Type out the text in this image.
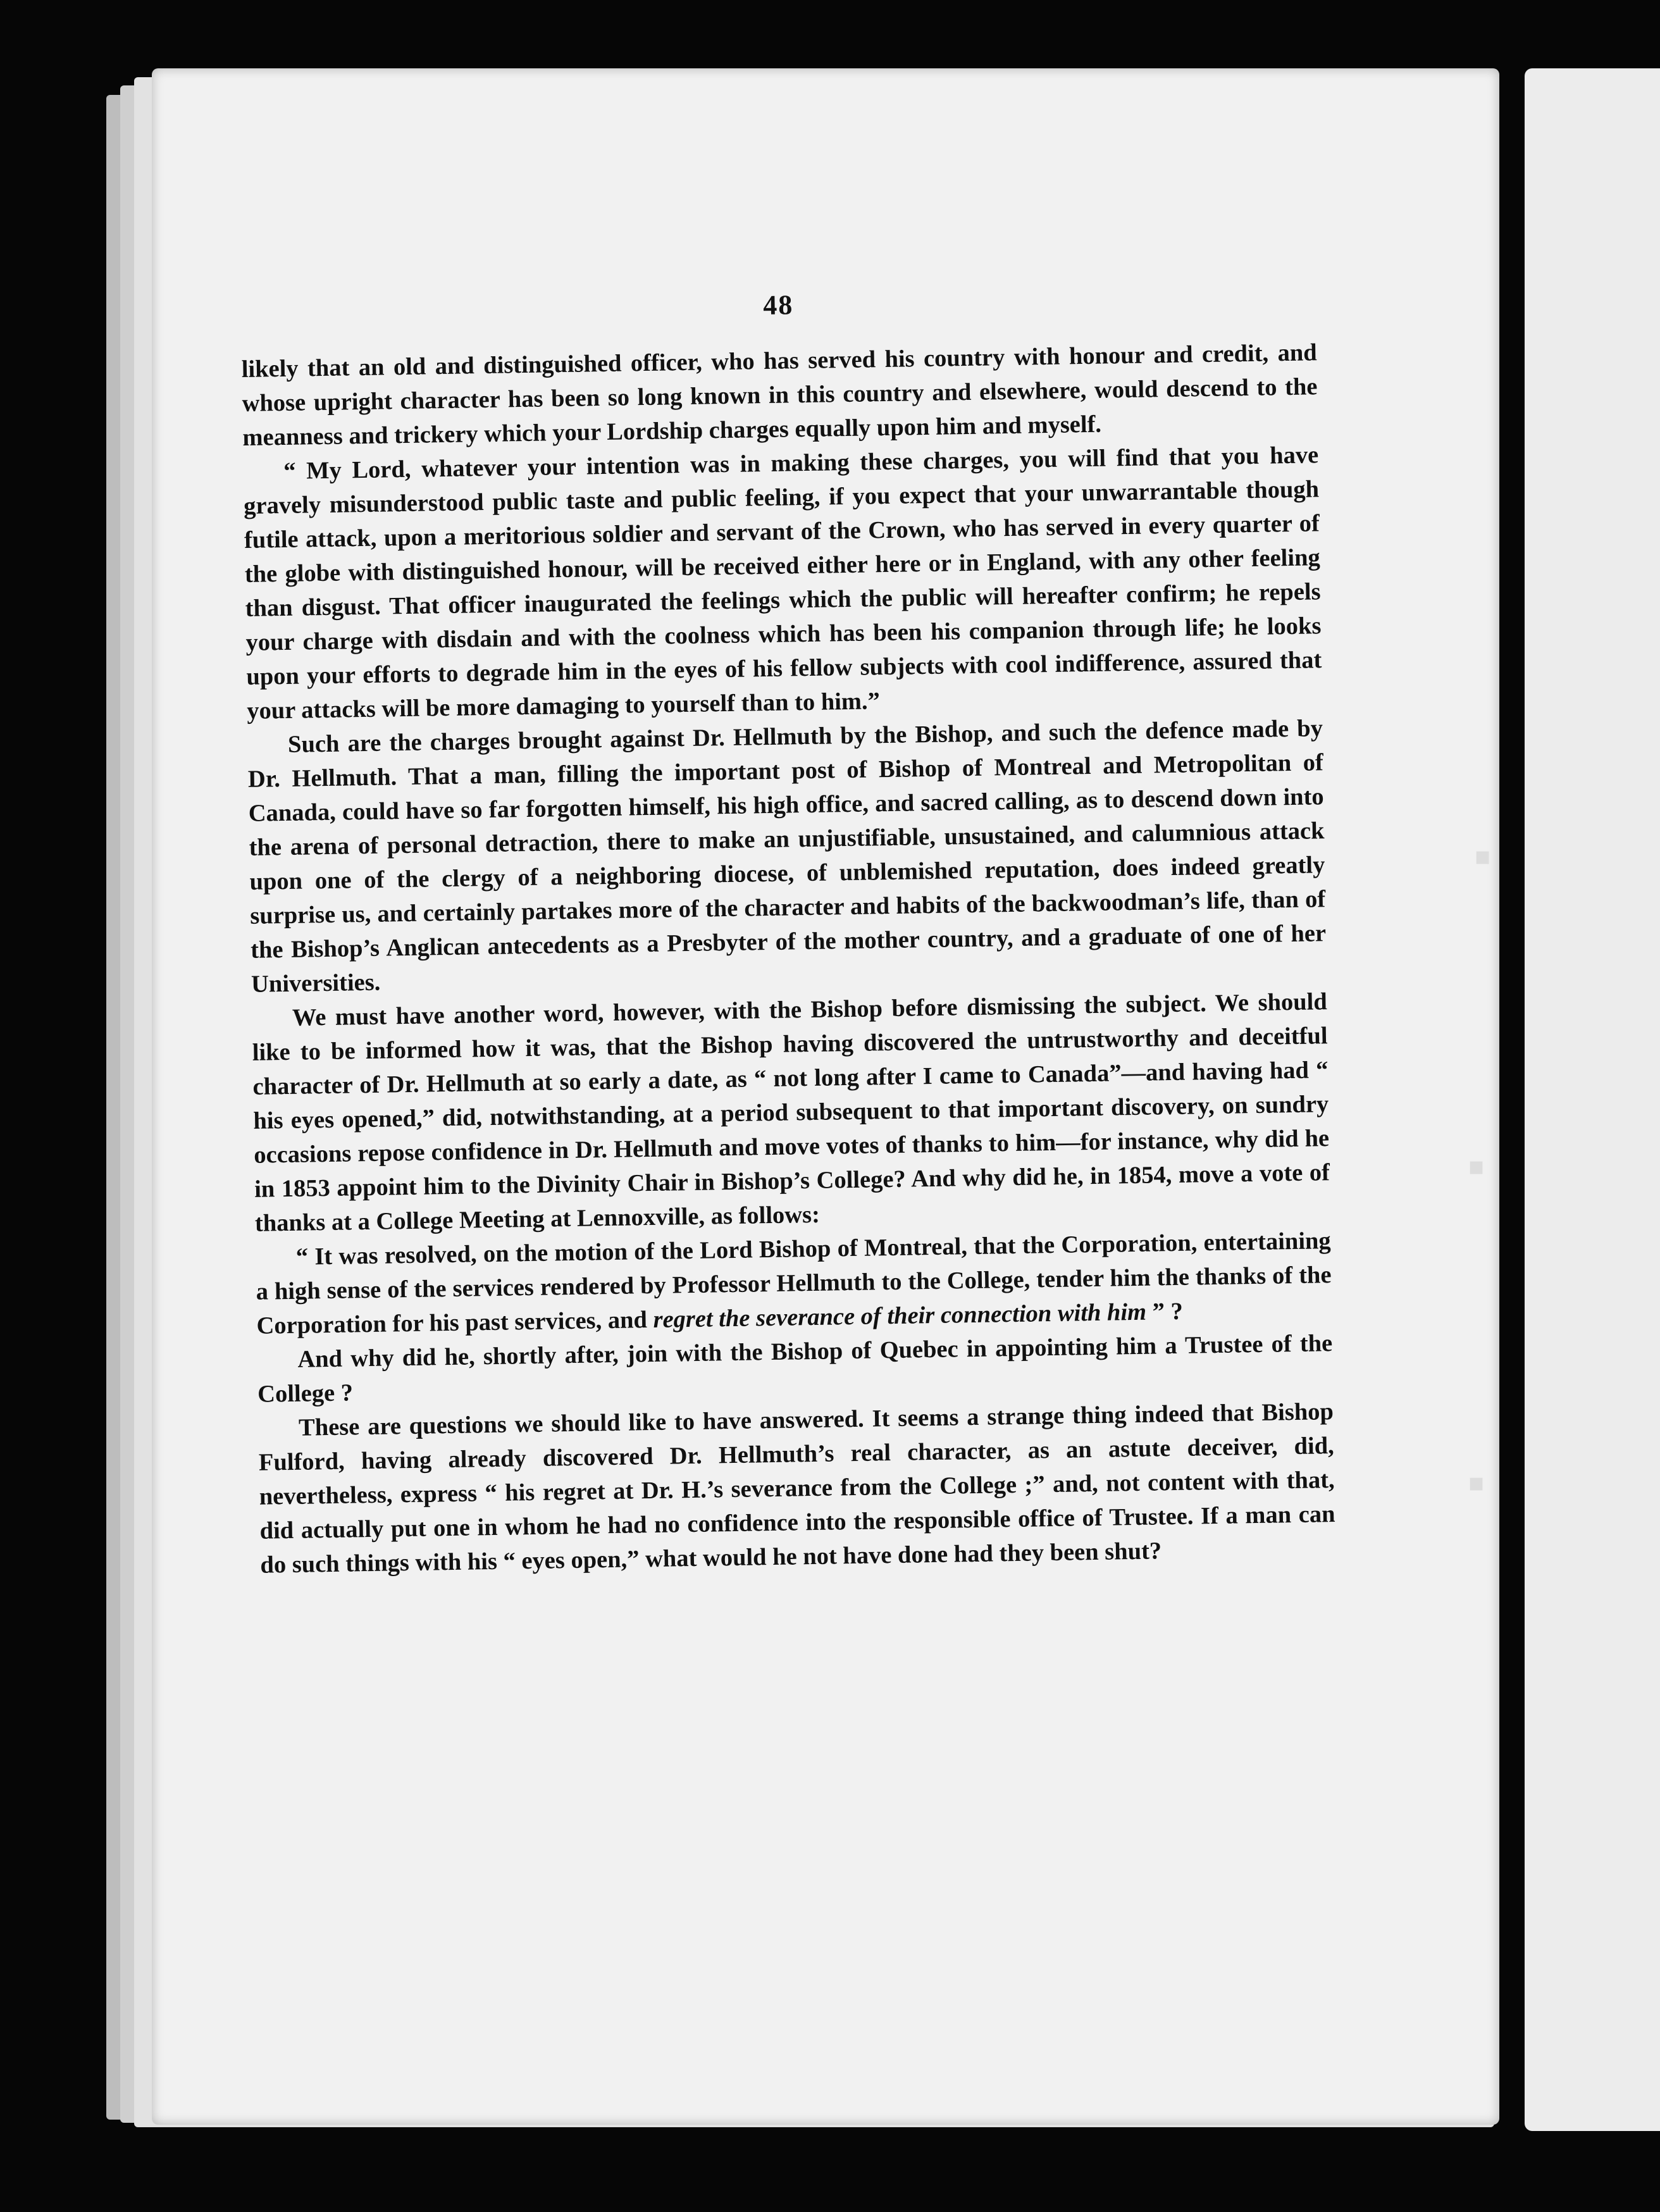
48

likely that an old and distinguished officer, who has served his country with honour and credit, and whose upright character has been so long known in this country and elsewhere, would descend to the meanness and trickery which your Lordship charges equally upon him and myself.

“ My Lord, whatever your intention was in making these charges, you will find that you have gravely misunderstood public taste and public feeling, if you expect that your unwarrantable though futile attack, upon a meritorious soldier and servant of the Crown, who has served in every quarter of the globe with distinguished honour, will be received either here or in England, with any other feeling than disgust. That officer inaugurated the feelings which the public will hereafter confirm; he repels your charge with disdain and with the coolness which has been his companion through life; he looks upon your efforts to degrade him in the eyes of his fellow subjects with cool indifference, assured that your attacks will be more damaging to yourself than to him.”

Such are the charges brought against Dr. Hellmuth by the Bishop, and such the defence made by Dr. Hellmuth. That a man, filling the important post of Bishop of Montreal and Metropolitan of Canada, could have so far forgotten himself, his high office, and sacred calling, as to descend down into the arena of personal detraction, there to make an unjustifiable, unsustained, and calumnious attack upon one of the clergy of a neighboring diocese, of unblemished reputation, does indeed greatly surprise us, and certainly partakes more of the character and habits of the backwoodman’s life, than of the Bishop’s Anglican antecedents as a Presbyter of the mother country, and a graduate of one of her Universities.

We must have another word, however, with the Bishop before dismissing the subject. We should like to be informed how it was, that the Bishop having discovered the untrustworthy and deceitful character of Dr. Hellmuth at so early a date, as “ not long after I came to Canada”—and having had “ his eyes opened,” did, notwithstanding, at a period subsequent to that important discovery, on sundry occasions repose confidence in Dr. Hellmuth and move votes of thanks to him—for instance, why did he in 1853 appoint him to the Divinity Chair in Bishop’s College? And why did he, in 1854, move a vote of thanks at a College Meeting at Lennoxville, as follows:

“ It was resolved, on the motion of the Lord Bishop of Montreal, that the Corporation, entertaining a high sense of the services rendered by Professor Hellmuth to the College, tender him the thanks of the Corporation for his past services, and regret the severance of their connection with him ” ?

And why did he, shortly after, join with the Bishop of Quebec in appointing him a Trustee of the College ?

These are questions we should like to have answered. It seems a strange thing indeed that Bishop Fulford, having already discovered Dr. Hellmuth’s real character, as an astute deceiver, did, nevertheless, express “ his regret at Dr. H.’s severance from the College ;” and, not content with that, did actually put one in whom he had no confidence into the responsible office of Trustee. If a man can do such things with his “ eyes open,” what would he not have done had they been shut?

▪
▪
▪
